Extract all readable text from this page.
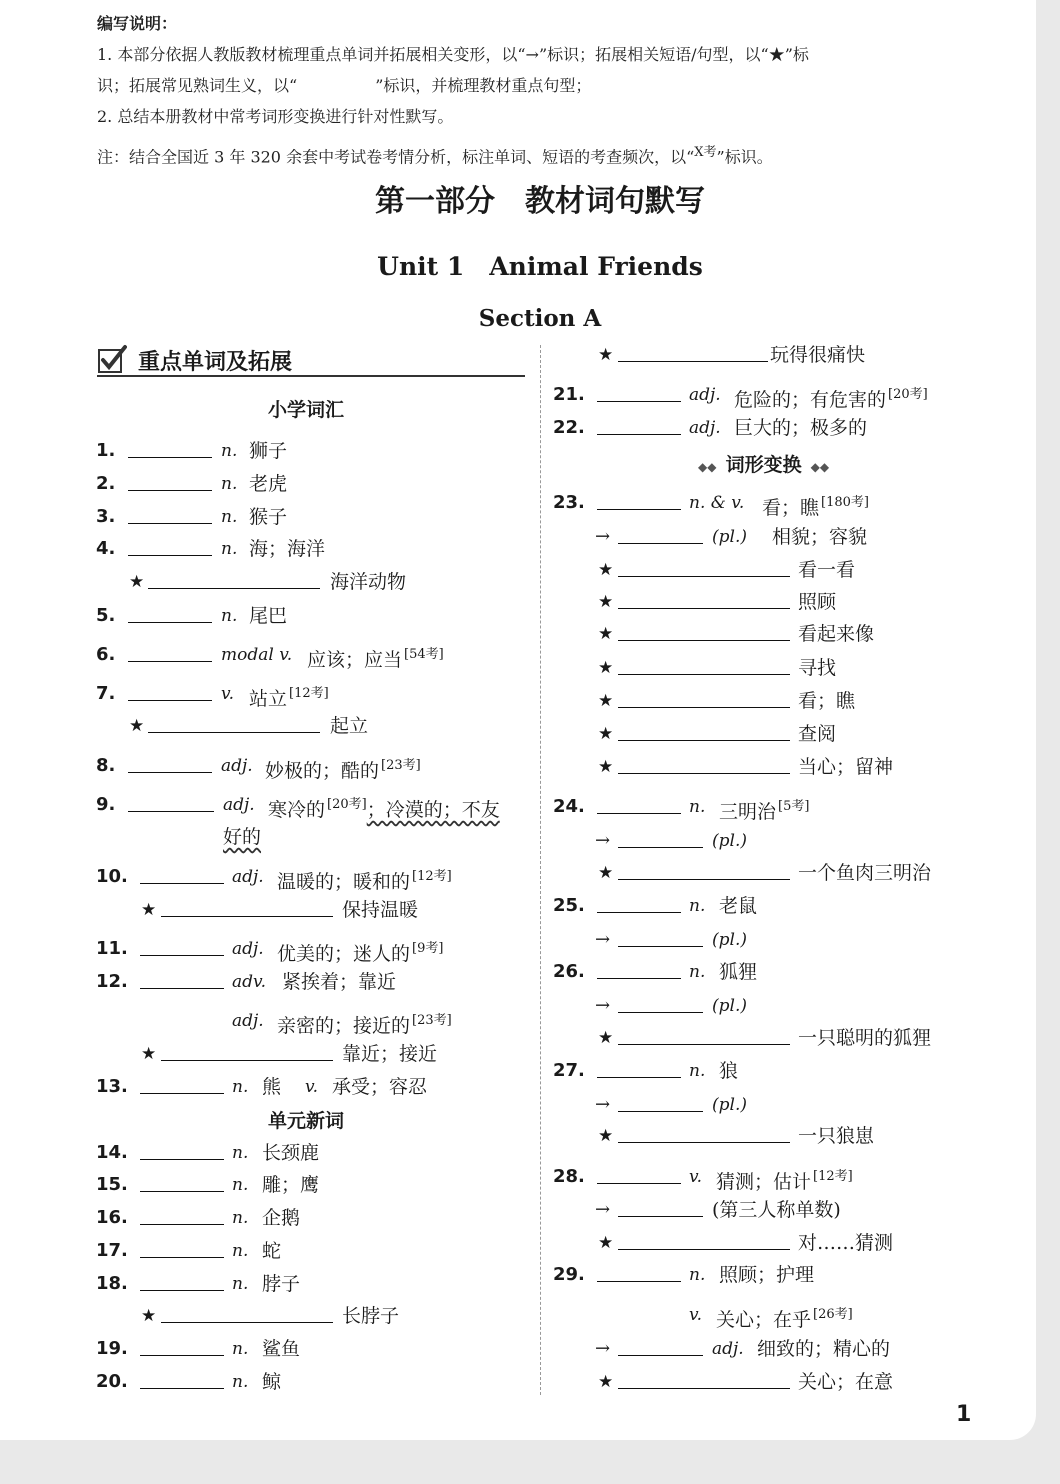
编写说明：
1. 本部分依据人教版教材梳理重点单词并拓展相关变形，以“→”标识；拓展相关短语/句型，以“★”标
识；拓展常见熟词生义，以“	”标识，并梳理教材重点句型；
2. 总结本册教材中常考词形变换进行针对性默写。
注：结合全国近 3 年 320 余套中考试卷考情分析，标注单词、短语的考查频次，以“$^{X考}$”标识。
第一部分　教材词句默写
Unit 1　Animal Friends
Section A
重点单词及拓展
小学词汇
1.	n. 狮子
2.	n. 老虎
3.	n. 猴子
4.	n. 海；海洋
★	海洋动物
5.	n. 尾巴
6.	modal v. 应该；应当 [54考]
7.	v. 站立 [12考]
★	起立
8.	adj. 妙极的；酷的 [23考]
9.	adj. 寒冷的 [20考]；冷漠的；不友
好的
10.	adj. 温暖的；暖和的 [12考]
★	保持温暖
11.	adj. 优美的；迷人的 [9考]
12.	adv. 紧挨着；靠近
adj. 亲密的；接近的 [23考]
★	靠近；接近
13.	n. 熊 v. 承受；容忍
单元新词
14.	n. 长颈鹿
15.	n. 雕；鹰
16.	n. 企鹅
17.	n. 蛇
18.	n. 脖子
★	长脖子
19.	n. 鲨鱼
20.	n. 鲸
★	玩得很痛快
21.	adj. 危险的；有危害的 [20考]
22.	adj. 巨大的；极多的
◆◆ 词形变换 ◆◆
23.	n. & v. 看；瞧 [180考]
→	(pl.) 相貌；容貌
★	看一看
★	照顾
★	看起来像
★	寻找
★	看；瞧
★	查阅
★	当心；留神
24.	n. 三明治 [5考]
→	(pl.)
★	一个鱼肉三明治
25.	n. 老鼠
→	(pl.)
26.	n. 狐狸
→	(pl.)
★	一只聪明的狐狸
27.	n. 狼
→	(pl.)
★	一只狼崽
28.	v. 猜测；估计 [12考]
→	(第三人称单数)
★	对……猜测
29.	n. 照顾；护理
v. 关心；在乎 [26考]
→	adj. 细致的；精心的
★	关心；在意
1
